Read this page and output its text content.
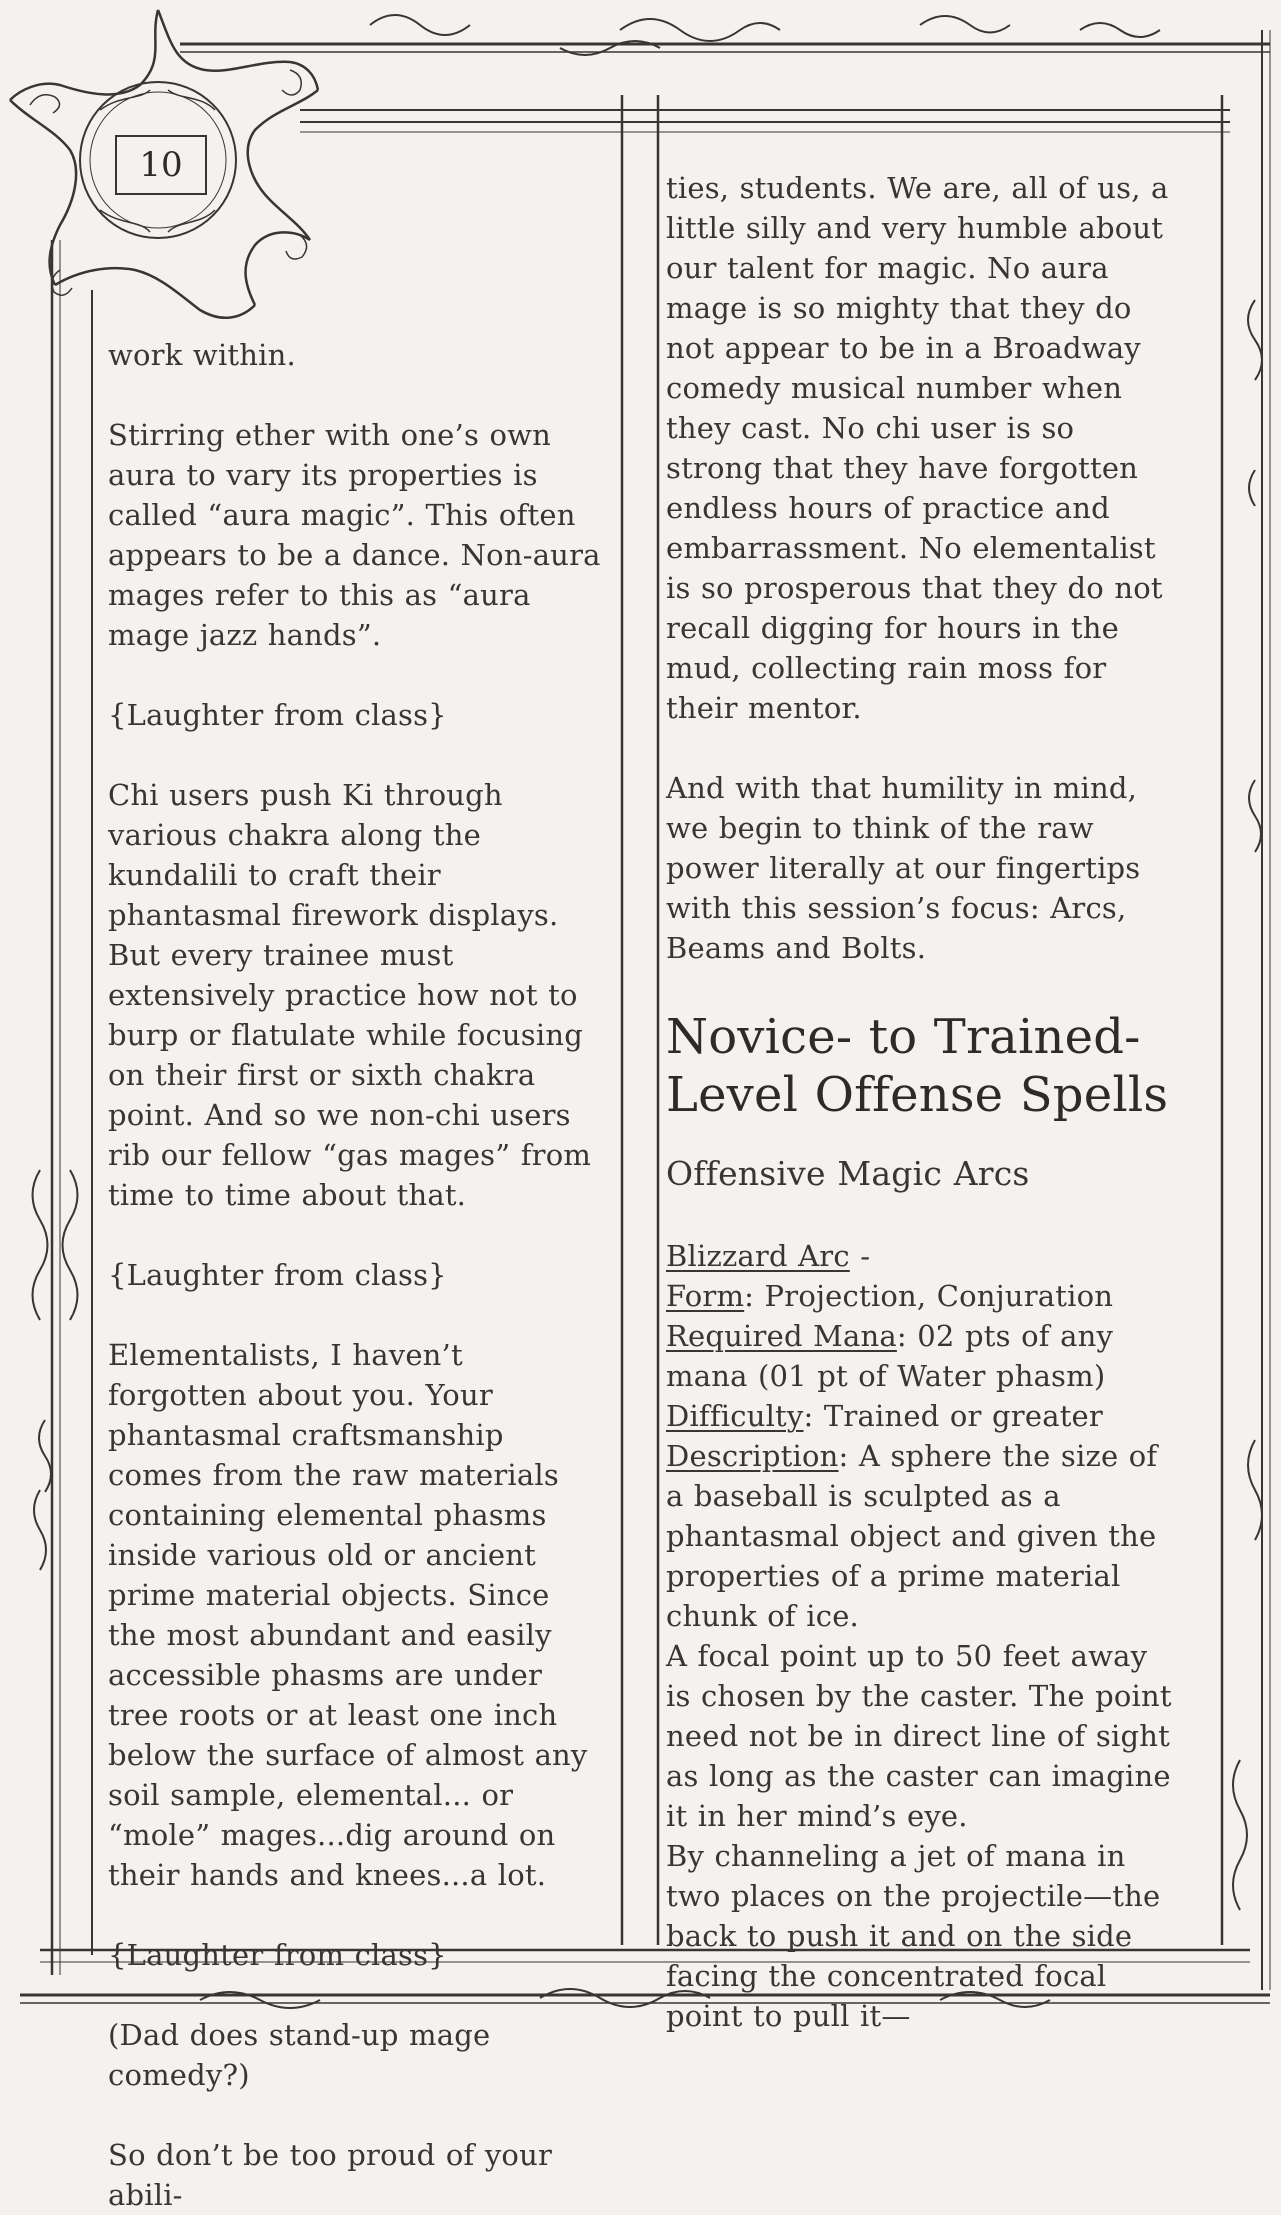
10

work within.

Stirring ether with one’s own aura to vary its properties is called “aura magic”. This often appears to be a dance. Non-aura mages refer to this as “aura mage jazz hands”.

{Laughter from class}

Chi users push Ki through various chakra along the kundalili to craft their phantasmal firework displays. But every trainee must extensively practice how not to burp or flatulate while focusing on their first or sixth chakra point. And so we non-chi users rib our fellow “gas mages” from time to time about that.

{Laughter from class}

Elementalists, I haven’t forgotten about you. Your phantasmal craftsmanship comes from the raw materials containing elemental phasms inside various old or ancient prime material objects. Since the most abundant and easily accessible phasms are under tree roots or at least one inch below the surface of almost any soil sample, elemental... or “mole” mages...dig around on their hands and knees...a lot.

{Laughter from class}

(Dad does stand-up mage comedy?)

So don’t be too proud of your abili-

ties, students. We are, all of us, a little silly and very humble about our talent for magic. No aura mage is so mighty that they do not appear to be in a Broadway comedy musical number when they cast. No chi user is so strong that they have forgotten endless hours of practice and embarrassment. No elementalist is so prosperous that they do not recall digging for hours in the mud, collecting rain moss for their mentor.

And with that humility in mind, we begin to think of the raw power literally at our fingertips with this session’s focus: Arcs, Beams and Bolts.

Novice- to Trained-
Level Offense Spells
Offensive Magic Arcs
Blizzard Arc -
Form: Projection, Conjuration
Required Mana: 02 pts of any mana (01 pt of Water phasm)
Difficulty: Trained or greater
Description: A sphere the size of a baseball is sculpted as a phantasmal object and given the properties of a prime material chunk of ice.
A focal point up to 50 feet away is chosen by the caster. The point need not be in direct line of sight as long as the caster can imagine it in her mind’s eye.
By channeling a jet of mana in two places on the projectile—the back to push it and on the side facing the concentrated focal point to pull it—
